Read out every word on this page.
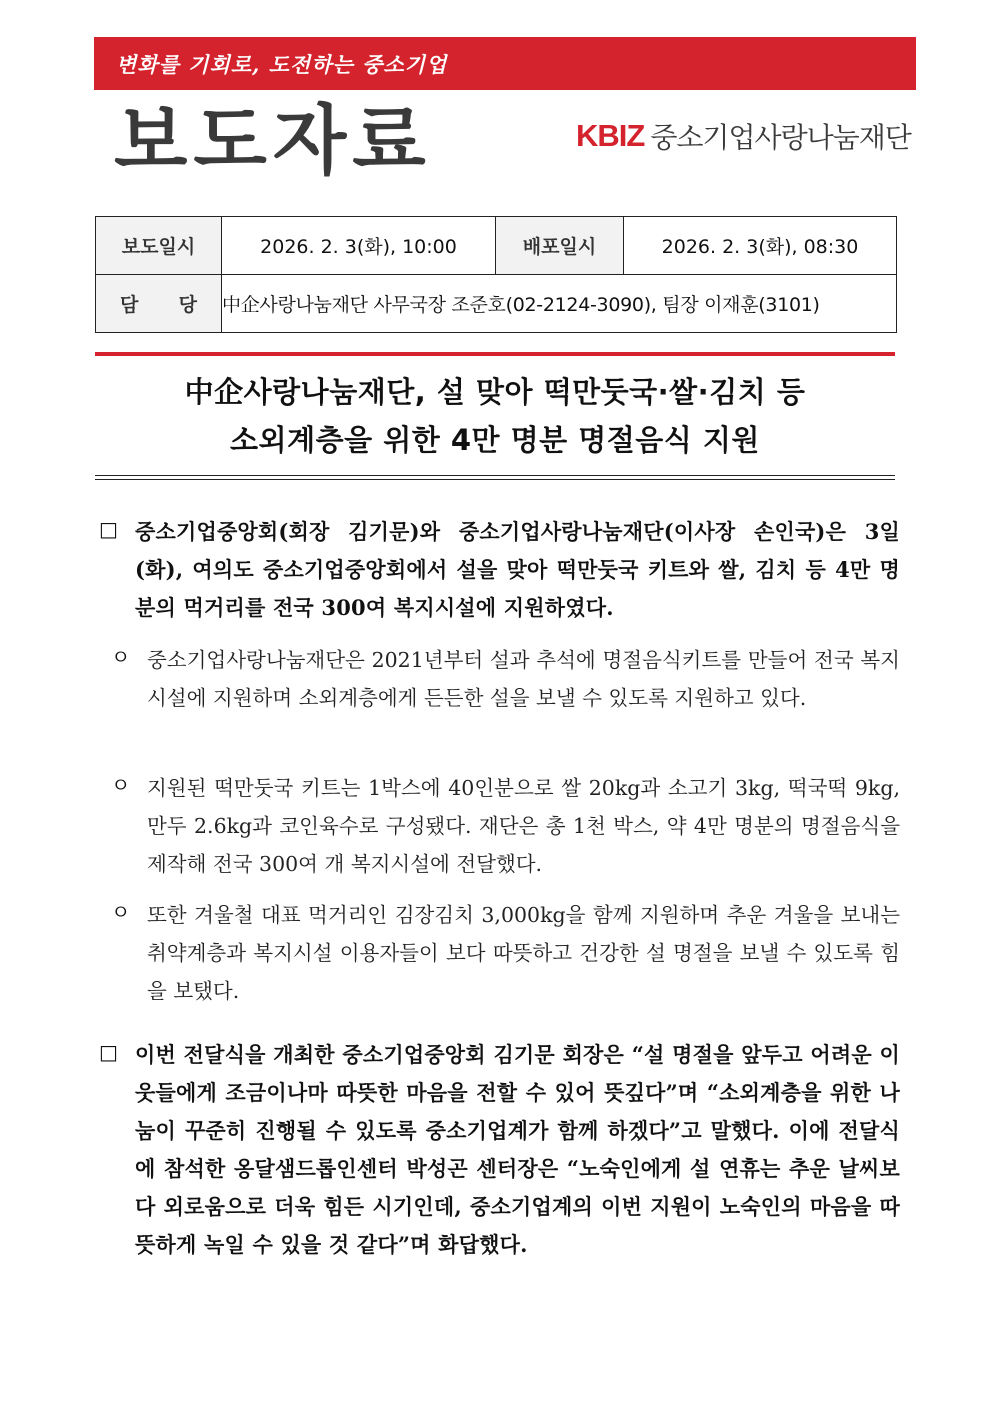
변화를 기회로, 도전하는 중소기업
보도자료	KBIZ 중소기업사랑나눔재단
보도일시	2026. 2. 3(화), 10:00	배포일시	2026. 2. 3(화), 08:30

담 당	中企사랑나눔재단 사무국장 조준호(02-2124-3090), 팀장 이재훈(3101)		
中企사랑나눔재단, 설 맞아 떡만둣국·쌀·김치 등
소외계층을 위한 4만 명분 명절음식 지원
□ 중소기업중앙회(회장 김기문)와 중소기업사랑나눔재단(이사장 손인국)은 3일(화), 여의도 중소기업중앙회에서 설을 맞아 떡만둣국 키트와 쌀, 김치 등 4만 명분의 먹거리를 전국 300여 복지시설에 지원하였다.
ㅇ 중소기업사랑나눔재단은 2021년부터 설과 추석에 명절음식키트를 만들어 전국 복지시설에 지원하며 소외계층에게 든든한 설을 보낼 수 있도록 지원하고 있다.
ㅇ 지원된 떡만둣국 키트는 1박스에 40인분으로 쌀 20kg과 소고기 3kg, 떡국떡 9kg, 만두 2.6kg과 코인육수로 구성됐다. 재단은 총 1천 박스, 약 4만 명분의 명절음식을 제작해 전국 300여 개 복지시설에 전달했다.
ㅇ 또한 겨울철 대표 먹거리인 김장김치 3,000kg을 함께 지원하며 추운 겨울을 보내는 취약계층과 복지시설 이용자들이 보다 따뜻하고 건강한 설 명절을 보낼 수 있도록 힘을 보탰다.
□ 이번 전달식을 개최한 중소기업중앙회 김기문 회장은 “설 명절을 앞두고 어려운 이웃들에게 조금이나마 따뜻한 마음을 전할 수 있어 뜻깊다”며 “소외계층을 위한 나눔이 꾸준히 진행될 수 있도록 중소기업계가 함께 하겠다”고 말했다. 이에 전달식에 참석한 옹달샘드롭인센터 박성곤 센터장은 “노숙인에게 설 연휴는 추운 날씨보다 외로움으로 더욱 힘든 시기인데, 중소기업계의 이번 지원이 노숙인의 마음을 따뜻하게 녹일 수 있을 것 같다”며 화답했다.
